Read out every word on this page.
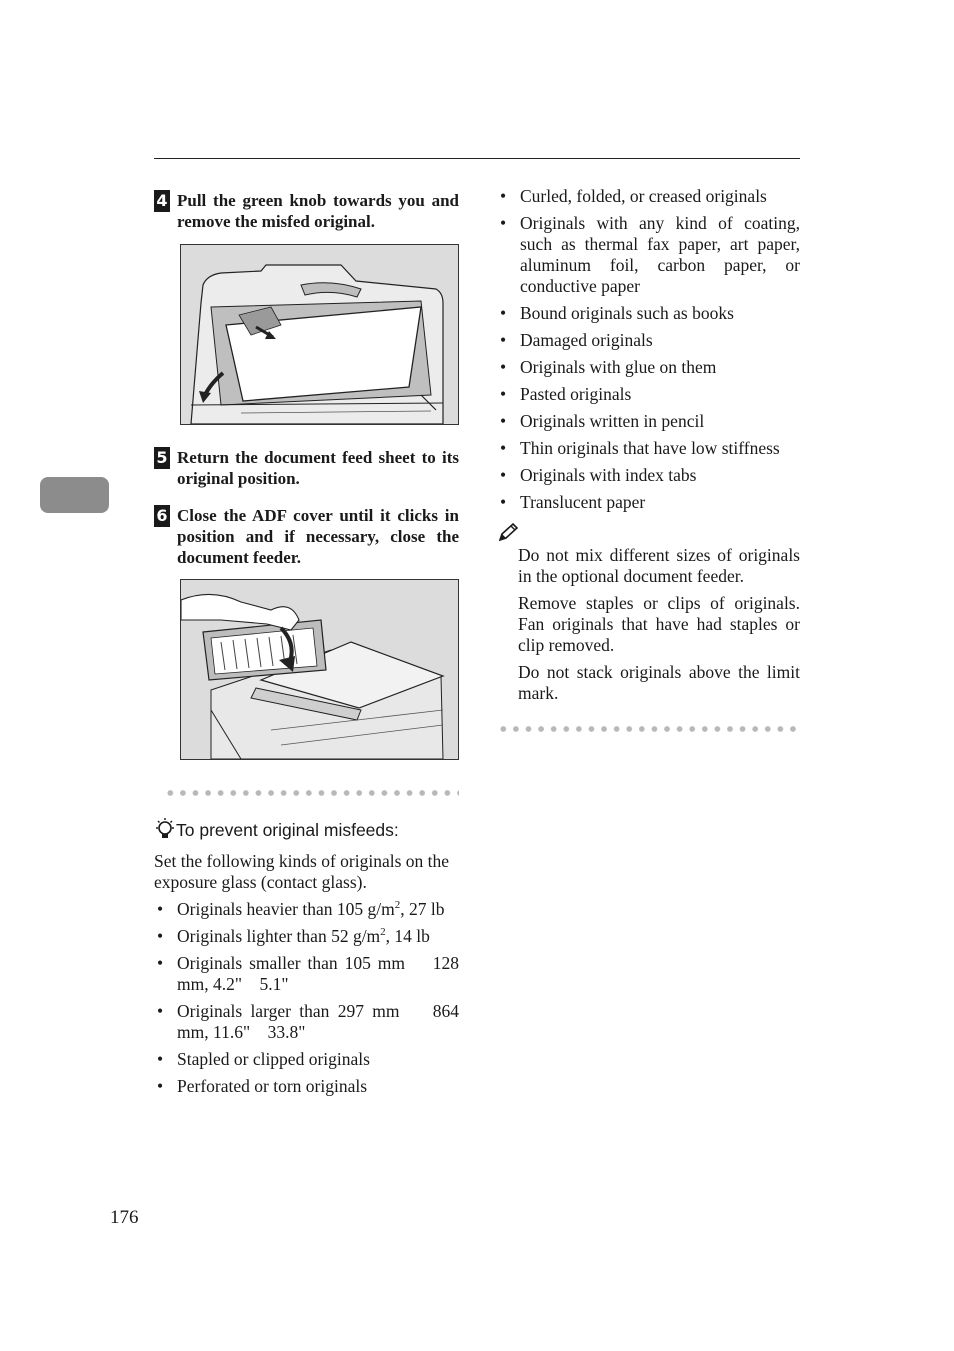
4 Pull the green knob towards you and remove the misfed original.
5 Return the document feed sheet to its original position.
6 Close the ADF cover until it clicks in position and if necessary, close the document feeder.
To prevent original misfeeds:

Set the following kinds of originals on the exposure glass (contact glass).

• Originals heavier than 105 $g/m^2$, 27 lb
• Originals lighter than 52 $g/m^2$, 14 lb
• Originals smaller than 105 mm    128 mm, 4.2"    5.1"
• Originals larger than 297 mm    864 mm, 11.6"    33.8"
• Stapled or clipped originals
• Perforated or torn originals
• Curled, folded, or creased originals
• Originals with any kind of coating, such as thermal fax paper, art paper, aluminum foil, carbon paper, or conductive paper
• Bound originals such as books
• Damaged originals
• Originals with glue on them
• Pasted originals
• Originals written in pencil
• Thin originals that have low stiffness
• Originals with index tabs
• Translucent paper

Do not mix different sizes of originals in the optional document feeder.

Remove staples or clips of originals. Fan originals that have had staples or clip removed.

Do not stack originals above the limit mark.

176
